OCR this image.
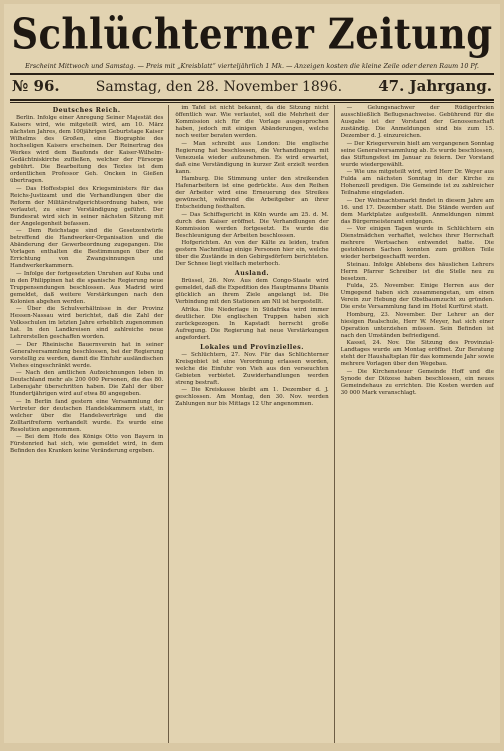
Schlüchterner Zeitung
Erscheint Mittwoch und Samstag. — Preis mit „Kreisblatt“ vierteljährlich 1 Mk. — Anzeigen kosten die kleine Zeile oder deren Raum 10 Pf.
№ 96.	Samstag, den 28. November 1896. 47. Jahrgang.
Deutsches Reich.

Berlin. Infolge einer Anregung Seiner Majestät des Kaisers wird, wie mitgeteilt wird, am 10. März nächsten Jahres, dem 100jährigen Geburtstage Kaiser Wilhelms des Großen, eine Biographie des hochseligen Kaisers erscheinen. Der Reinertrag des Werkes wird dem Baufonds der Kaiser-Wilhelm-Gedächtniskirche zufließen, welcher der Fürsorge gebührt. Die Bearbeitung des Textes ist dem ordentlichen Professor Geh. Oncken in Gießen übertragen.

— Das Hoffestspiel des Kriegsministers für das Reichs-Justizamt und die Verhandlungen über die Reform der Militärstrafgerichtsordnung haben, wie verlautet, zu einer Verständigung geführt. Der Bundesrat wird sich in seiner nächsten Sitzung mit der Angelegenheit befassen.

— Dem Reichstage sind die Gesetzentwürfe betreffend die Handwerker-Organisation und die Abänderung der Gewerbeordnung zugegangen. Die Vorlagen enthalten die Bestimmungen über die Errichtung von Zwangsinnungen und Handwerkerkammern.

— Infolge der fortgesetzten Unruhen auf Kuba und in den Philippinen hat die spanische Regierung neue Truppensendungen beschlossen. Aus Madrid wird gemeldet, daß weitere Verstärkungen nach den Kolonien abgehen werden.

— Über die Schulverhältnisse in der Provinz Hessen-Nassau wird berichtet, daß die Zahl der Volksschulen im letzten Jahre erheblich zugenommen hat. In den Landkreisen sind zahlreiche neue Lehrerstellen geschaffen worden.

— Der Rheinische Bauernverein hat in seiner Generalversammlung beschlossen, bei der Regierung vorstellig zu werden, damit die Einfuhr ausländischen Viehes eingeschränkt werde.

— Nach den amtlichen Aufzeichnungen leben in Deutschland mehr als 200 000 Personen, die das 80. Lebensjahr überschritten haben. Die Zahl der über Hundertjährigen wird auf etwa 80 angegeben.

— In Berlin fand gestern eine Versammlung der Vertreter der deutschen Handelskammern statt, in welcher über die Handelsverträge und die Zolltarifreform verhandelt wurde. Es wurde eine Resolution angenommen.

— Bei dem Hofe des Königs Otto von Bayern in Fürstenried hat sich, wie gemeldet wird, in dem Befinden des Kranken keine Veränderung ergeben.

im Tafel ist nicht bekannt, da die Sitzung nicht öffentlich war. Wie verlautet, soll die Mehrheit der Kommission sich für die Vorlage ausgesprochen haben, jedoch mit einigen Abänderungen, welche noch weiter beraten werden.

— Man schreibt aus London: Die englische Regierung hat beschlossen, die Verhandlungen mit Venezuela wieder aufzunehmen. Es wird erwartet, daß eine Verständigung in kurzer Zeit erzielt werden kann.

Hamburg. Die Stimmung unter den streikenden Hafenarbeitern ist eine gedrückte. Aus den Reihen der Arbeiter wird eine Erneuerung des Streikes gewünscht, während die Arbeitgeber an ihrer Entscheidung festhalten.

— Das Schiffsgericht in Köln wurde am 25. d. M. durch den Kaiser eröffnet. Die Verhandlungen der Kommission werden fortgesetzt. Es wurde die Beschleunigung der Arbeiten beschlossen.

Hofgerichten. An von der Kälte zu leiden, trafen gestern Nachmittag einige Personen hier ein, welche über die Zustände in den Gebirgsdörfern berichteten. Der Schnee liegt vielfach meterhoch.

Ausland.

Brüssel, 26. Nov. Aus dem Congo-Staate wird gemeldet, daß die Expedition des Hauptmanns Dhanis glücklich an ihrem Ziele angelangt ist. Die Verbindung mit den Stationen am Nil ist hergestellt.

Afrika. Die Niederlage in Südafrika wird immer deutlicher. Die englischen Truppen haben sich zurückgezogen. In Kapstadt herrscht große Aufregung. Die Regierung hat neue Verstärkungen angefordert.

Lokales und Provinzielles.

— Schlüchtern, 27. Nov. Für das Schlüchterner Kreisgebiet ist eine Verordnung erlassen worden, welche die Einfuhr von Vieh aus den verseuchten Gebieten verbietet. Zuwiderhandlungen werden streng bestraft.

— Die Kreiskasse bleibt am 1. Dezember d. J. geschlossen. Am Montag, den 30. Nov. werden Zahlungen nur bis Mittags 12 Uhr angenommen.

— Gelungsnachwer der Rüdigerfreien ausschließlich Beflugsnachweise. Gebührend für die Ausgabe ist der Vorstand der Genossenschaft zuständig. Die Anmeldungen sind bis zum 15. Dezember d. J. einzureichen.

— Der Kriegerverein hielt am vergangenen Sonntag seine Generalversammlung ab. Es wurde beschlossen, das Stiftungsfest im Januar zu feiern. Der Vorstand wurde wiedergewählt.

— Wie uns mitgeteilt wird, wird Herr Dr. Weyer aus Fulda am nächsten Sonntag in der Kirche zu Hohenzell predigen. Die Gemeinde ist zu zahlreicher Teilnahme eingeladen.

— Der Weihnachtsmarkt findet in diesem Jahre am 16. und 17. Dezember statt. Die Stände werden auf dem Marktplatze aufgestellt. Anmeldungen nimmt das Bürgermeisteramt entgegen.

— Vor einigen Tagen wurde in Schlüchtern ein Dienstmädchen verhaftet, welches ihrer Herrschaft mehrere Wertsachen entwendet hatte. Die gestohlenen Sachen konnten zum größten Teile wieder herbeigeschafft werden.

Steinau. Infolge Ablebens des häuslichen Lehrers Herrn Pfarrer Schreiber ist die Stelle neu zu besetzen.

Fulda, 25. November. Einige Herren aus der Umgegend haben sich zusammengetan, um einen Verein zur Hebung der Obstbaumzucht zu gründen. Die erste Versammlung fand im Hotel Kurfürst statt.

Homburg, 23. November. Der Lehrer an der hiesigen Realschule, Herr W. Meyer, hat sich einer Operation unterziehen müssen. Sein Befinden ist nach den Umständen befriedigend.

Kassel, 24. Nov. Die Sitzung des Provinzial-Landtages wurde am Montag eröffnet. Zur Beratung steht der Haushaltsplan für das kommende Jahr sowie mehrere Vorlagen über den Wegebau.

— Die Kirchensteuer Gemeinde Hoff und die Synode der Diözese haben beschlossen, ein neues Gemeindehaus zu errichten. Die Kosten werden auf 30 000 Mark veranschlagt.
